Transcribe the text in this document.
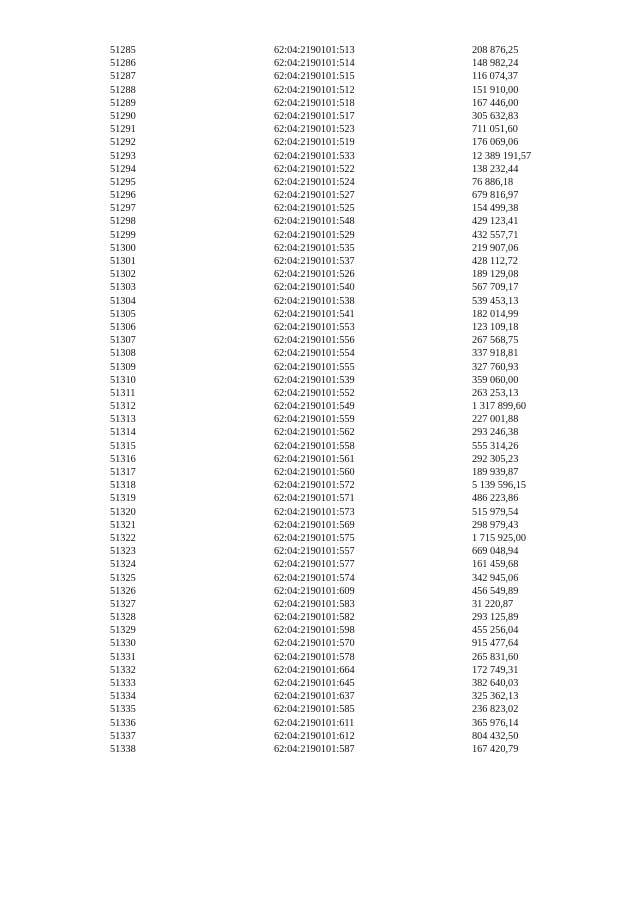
51285	62:04:2190101:513	208 876,25
51286	62:04:2190101:514	148 982,24
51287	62:04:2190101:515	116 074,37
51288	62:04:2190101:512	151 910,00
51289	62:04:2190101:518	167 446,00
51290	62:04:2190101:517	305 632,83
51291	62:04:2190101:523	711 051,60
51292	62:04:2190101:519	176 069,06
51293	62:04:2190101:533	12 389 191,57
51294	62:04:2190101:522	138 232,44
51295	62:04:2190101:524	76 886,18
51296	62:04:2190101:527	679 816,97
51297	62:04:2190101:525	154 499,38
51298	62:04:2190101:548	429 123,41
51299	62:04:2190101:529	432 557,71
51300	62:04:2190101:535	219 907,06
51301	62:04:2190101:537	428 112,72
51302	62:04:2190101:526	189 129,08
51303	62:04:2190101:540	567 709,17
51304	62:04:2190101:538	539 453,13
51305	62:04:2190101:541	182 014,99
51306	62:04:2190101:553	123 109,18
51307	62:04:2190101:556	267 568,75
51308	62:04:2190101:554	337 918,81
51309	62:04:2190101:555	327 760,93
51310	62:04:2190101:539	359 060,00
51311	62:04:2190101:552	263 253,13
51312	62:04:2190101:549	1 317 899,60
51313	62:04:2190101:559	227 001,88
51314	62:04:2190101:562	293 246,38
51315	62:04:2190101:558	555 314,26
51316	62:04:2190101:561	292 305,23
51317	62:04:2190101:560	189 939,87
51318	62:04:2190101:572	5 139 596,15
51319	62:04:2190101:571	486 223,86
51320	62:04:2190101:573	515 979,54
51321	62:04:2190101:569	298 979,43
51322	62:04:2190101:575	1 715 925,00
51323	62:04:2190101:557	669 048,94
51324	62:04:2190101:577	161 459,68
51325	62:04:2190101:574	342 945,06
51326	62:04:2190101:609	456 549,89
51327	62:04:2190101:583	31 220,87
51328	62:04:2190101:582	293 125,89
51329	62:04:2190101:598	455 256,04
51330	62:04:2190101:570	915 477,64
51331	62:04:2190101:578	265 831,60
51332	62:04:2190101:664	172 749,31
51333	62:04:2190101:645	382 640,03
51334	62:04:2190101:637	325 362,13
51335	62:04:2190101:585	236 823,02
51336	62:04:2190101:611	365 976,14
51337	62:04:2190101:612	804 432,50
51338	62:04:2190101:587	167 420,79
